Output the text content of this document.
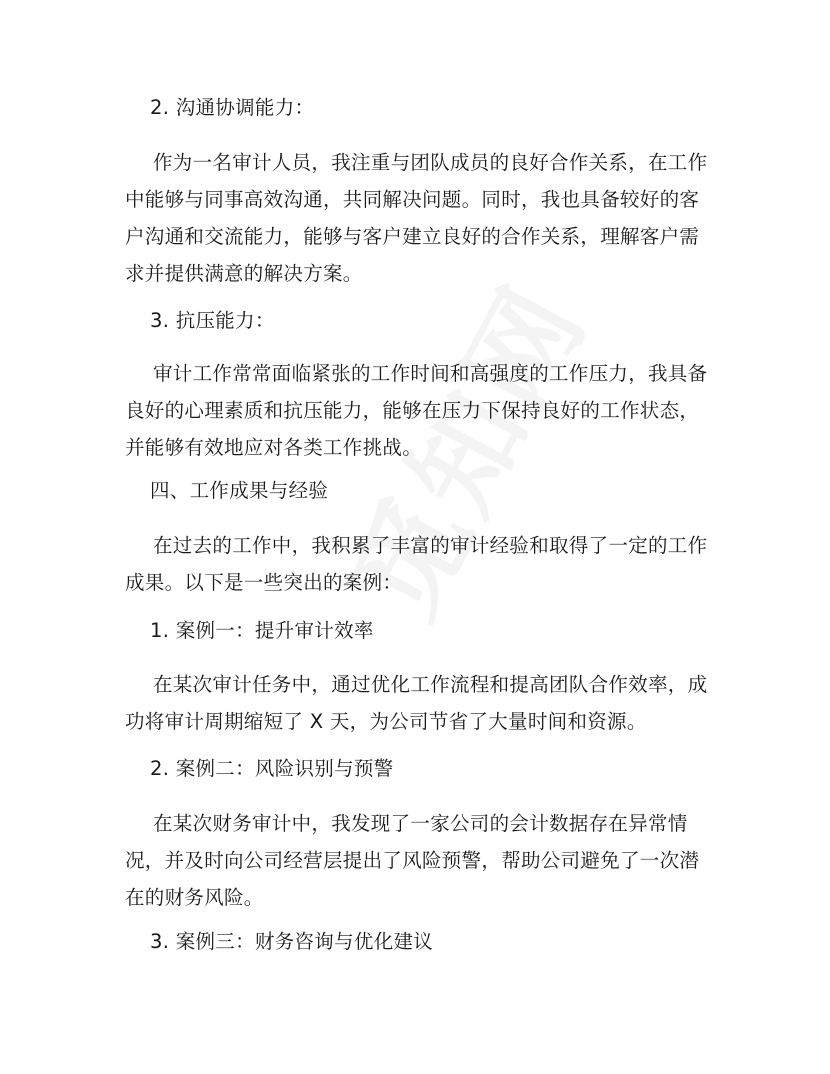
2. 沟通协调能力：

作为一名审计人员，我注重与团队成员的良好合作关系，在工作中能够与同事高效沟通，共同解决问题。同时，我也具备较好的客户沟通和交流能力，能够与客户建立良好的合作关系，理解客户需求并提供满意的解决方案。

3. 抗压能力：

审计工作常常面临紧张的工作时间和高强度的工作压力，我具备良好的心理素质和抗压能力，能够在压力下保持良好的工作状态，并能够有效地应对各类工作挑战。

四、工作成果与经验

在过去的工作中，我积累了丰富的审计经验和取得了一定的工作成果。以下是一些突出的案例：

1. 案例一：提升审计效率

在某次审计任务中，通过优化工作流程和提高团队合作效率，成功将审计周期缩短了 X 天，为公司节省了大量时间和资源。

2. 案例二：风险识别与预警

在某次财务审计中，我发现了一家公司的会计数据存在异常情况，并及时向公司经营层提出了风险预警，帮助公司避免了一次潜在的财务风险。

3. 案例三：财务咨询与优化建议
